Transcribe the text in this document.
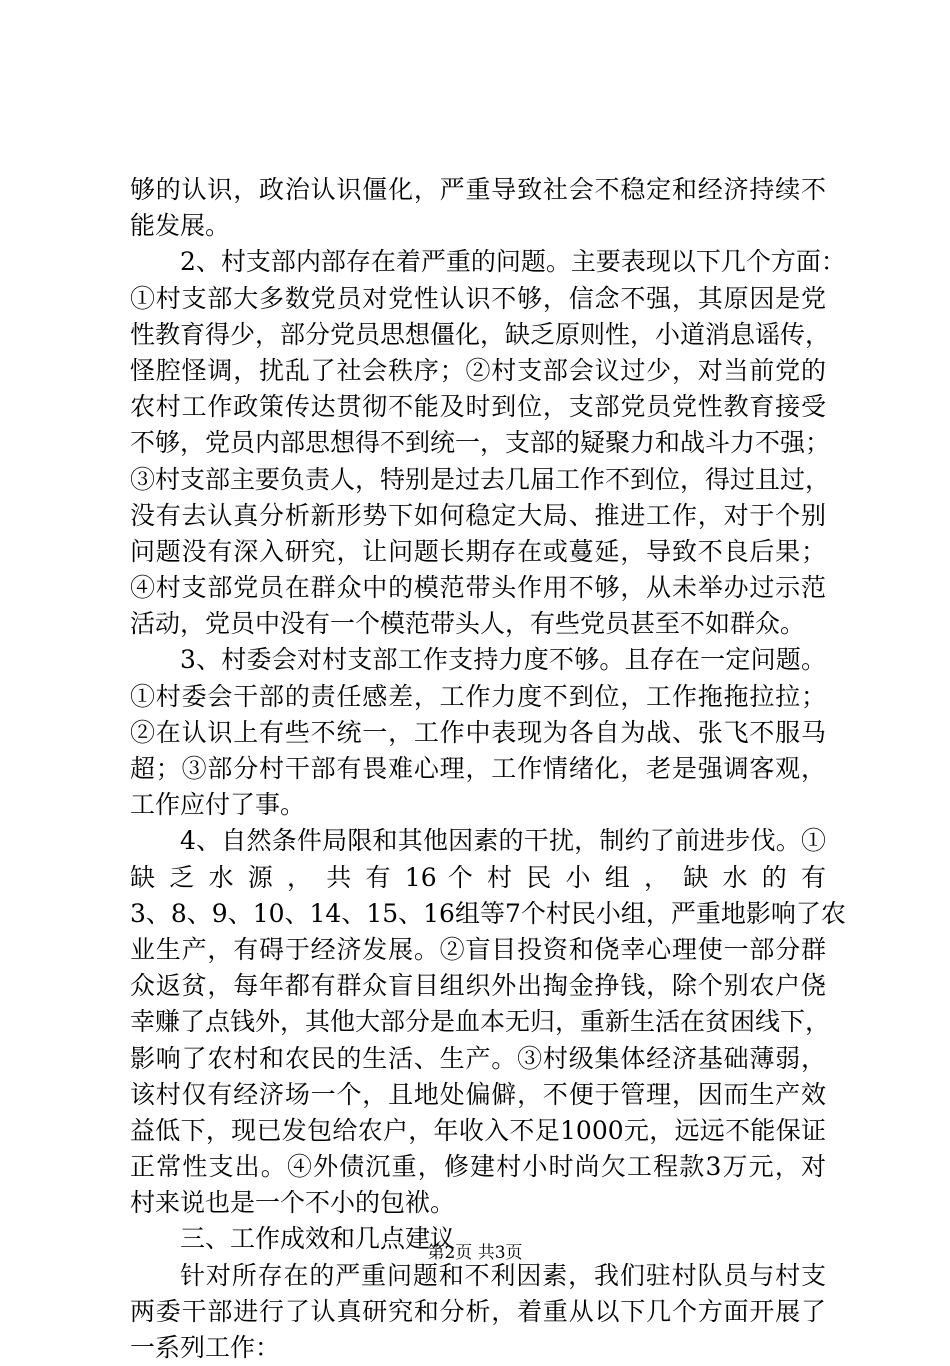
够的认识，政治认识僵化，严重导致社会不稳定和经济持续不
能发展。
2、村支部内部存在着严重的问题。主要表现以下几个方面：
①村支部大多数党员对党性认识不够，信念不强，其原因是党
性教育得少，部分党员思想僵化，缺乏原则性，小道消息谣传，
怪腔怪调，扰乱了社会秩序；②村支部会议过少，对当前党的
农村工作政策传达贯彻不能及时到位，支部党员党性教育接受
不够，党员内部思想得不到统一，支部的疑聚力和战斗力不强；
③村支部主要负责人，特别是过去几届工作不到位，得过且过，
没有去认真分析新形势下如何稳定大局、推进工作，对于个别
问题没有深入研究，让问题长期存在或蔓延，导致不良后果；
④村支部党员在群众中的模范带头作用不够，从未举办过示范
活动，党员中没有一个模范带头人，有些党员甚至不如群众。
3、村委会对村支部工作支持力度不够。且存在一定问题。
①村委会干部的责任感差，工作力度不到位，工作拖拖拉拉；
②在认识上有些不统一，工作中表现为各自为战、张飞不服马
超；③部分村干部有畏难心理，工作情绪化，老是强调客观，
工作应付了事。
4、自然条件局限和其他因素的干扰，制约了前进步伐。①
缺 乏 水 源 ， 共 有 16 个 村 民 小 组 ， 缺 水 的 有
3、8、9、10、14、15、16组等7个村民小组，严重地影响了农
业生产，有碍于经济发展。②盲目投资和侥幸心理使一部分群
众返贫，每年都有群众盲目组织外出掏金挣钱，除个别农户侥
幸赚了点钱外，其他大部分是血本无归，重新生活在贫困线下，
影响了农村和农民的生活、生产。③村级集体经济基础薄弱，
该村仅有经济场一个，且地处偏僻，不便于管理，因而生产效
益低下，现已发包给农户，年收入不足1000元，远远不能保证
正常性支出。④外债沉重，修建村小时尚欠工程款3万元，对
村来说也是一个不小的包袱。
三、工作成效和几点建议
针对所存在的严重问题和不利因素，我们驻村队员与村支
两委干部进行了认真研究和分析，着重从以下几个方面开展了
一系列工作：
第2页 共3页
